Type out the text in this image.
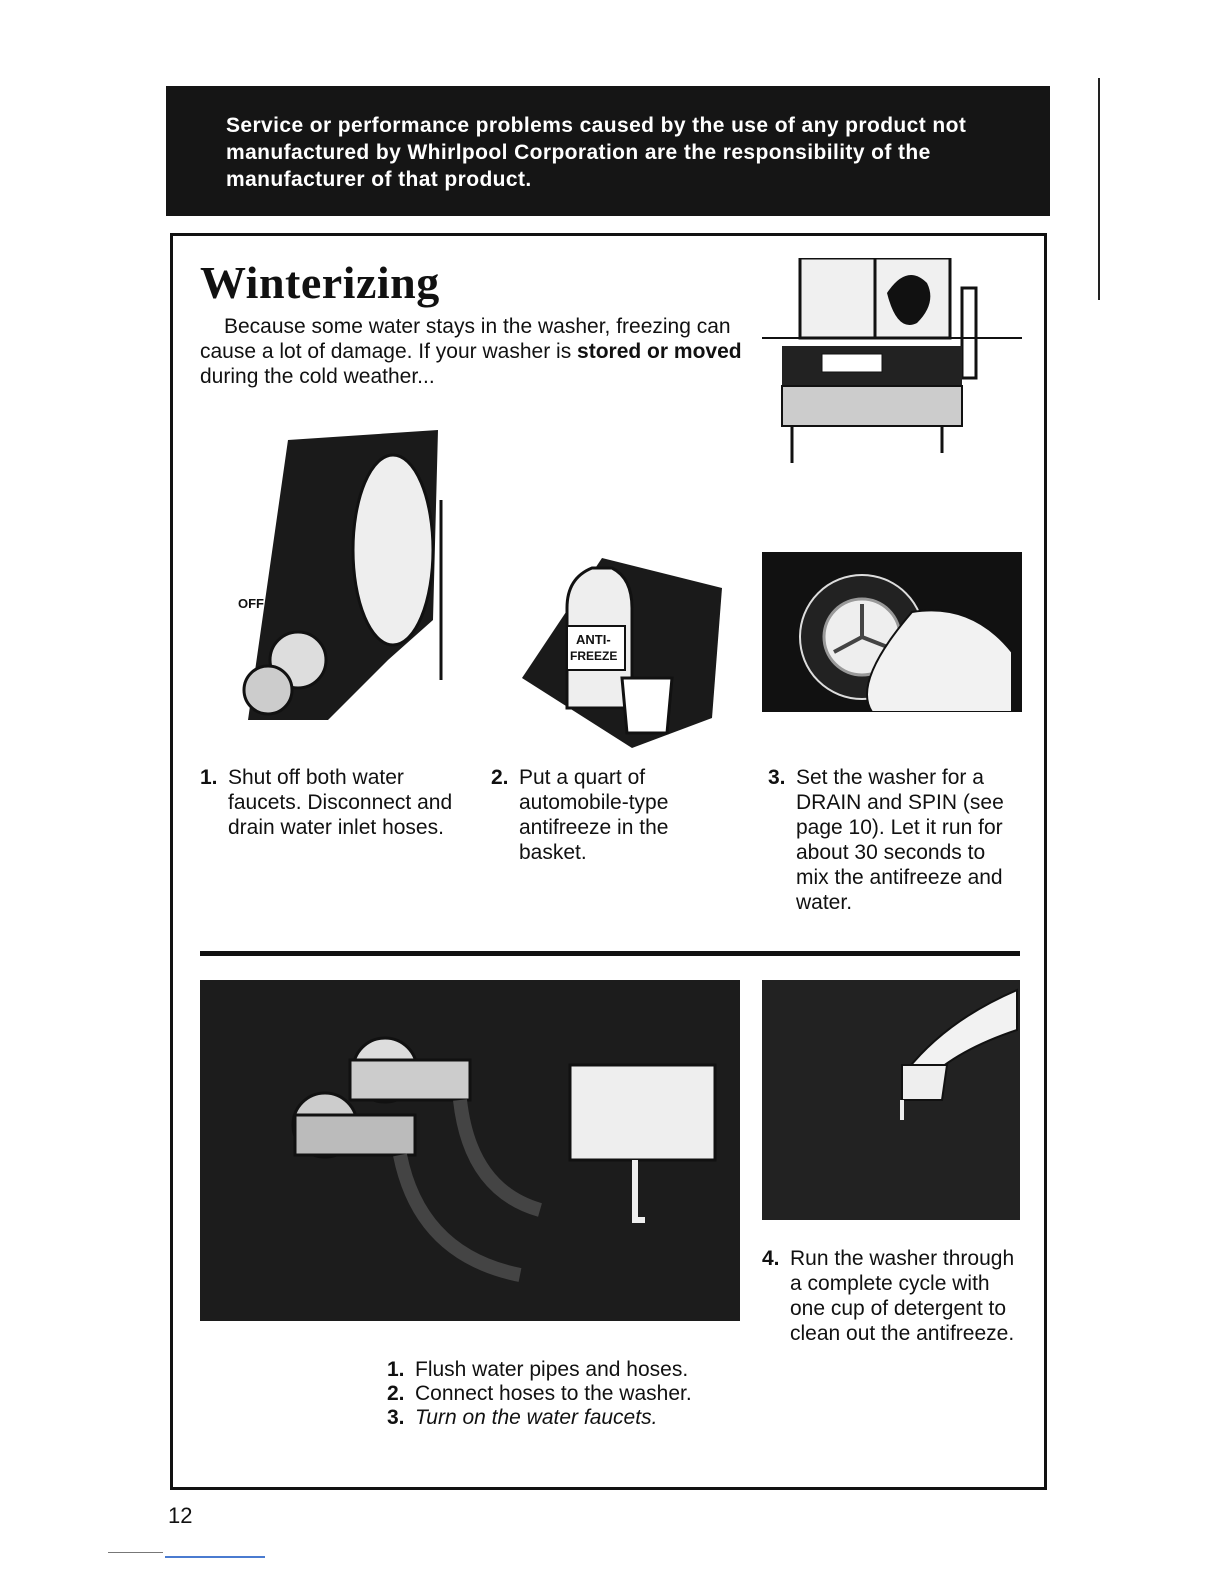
Service or performance problems caused by the use of any product not manufactured by Whirlpool Corporation are the responsibility of the manufacturer of that product.

Winterizing

Because some water stays in the washer, freezing can cause a lot of damage. If your washer is stored or moved during the cold weather...

OFF
ANTI-
FREEZE

1. Shut off both water faucets. Disconnect and drain water inlet hoses.

2. Put a quart of automobile-type antifreeze in the basket.

3. Set the washer for a DRAIN and SPIN (see page 10). Let it run for about 30 seconds to mix the antifreeze and water.

4. Run the washer through a complete cycle with one cup of detergent to clean out the antifreeze.

1. Flush water pipes and hoses.
2. Connect hoses to the washer.
3. Turn on the water faucets.
12
